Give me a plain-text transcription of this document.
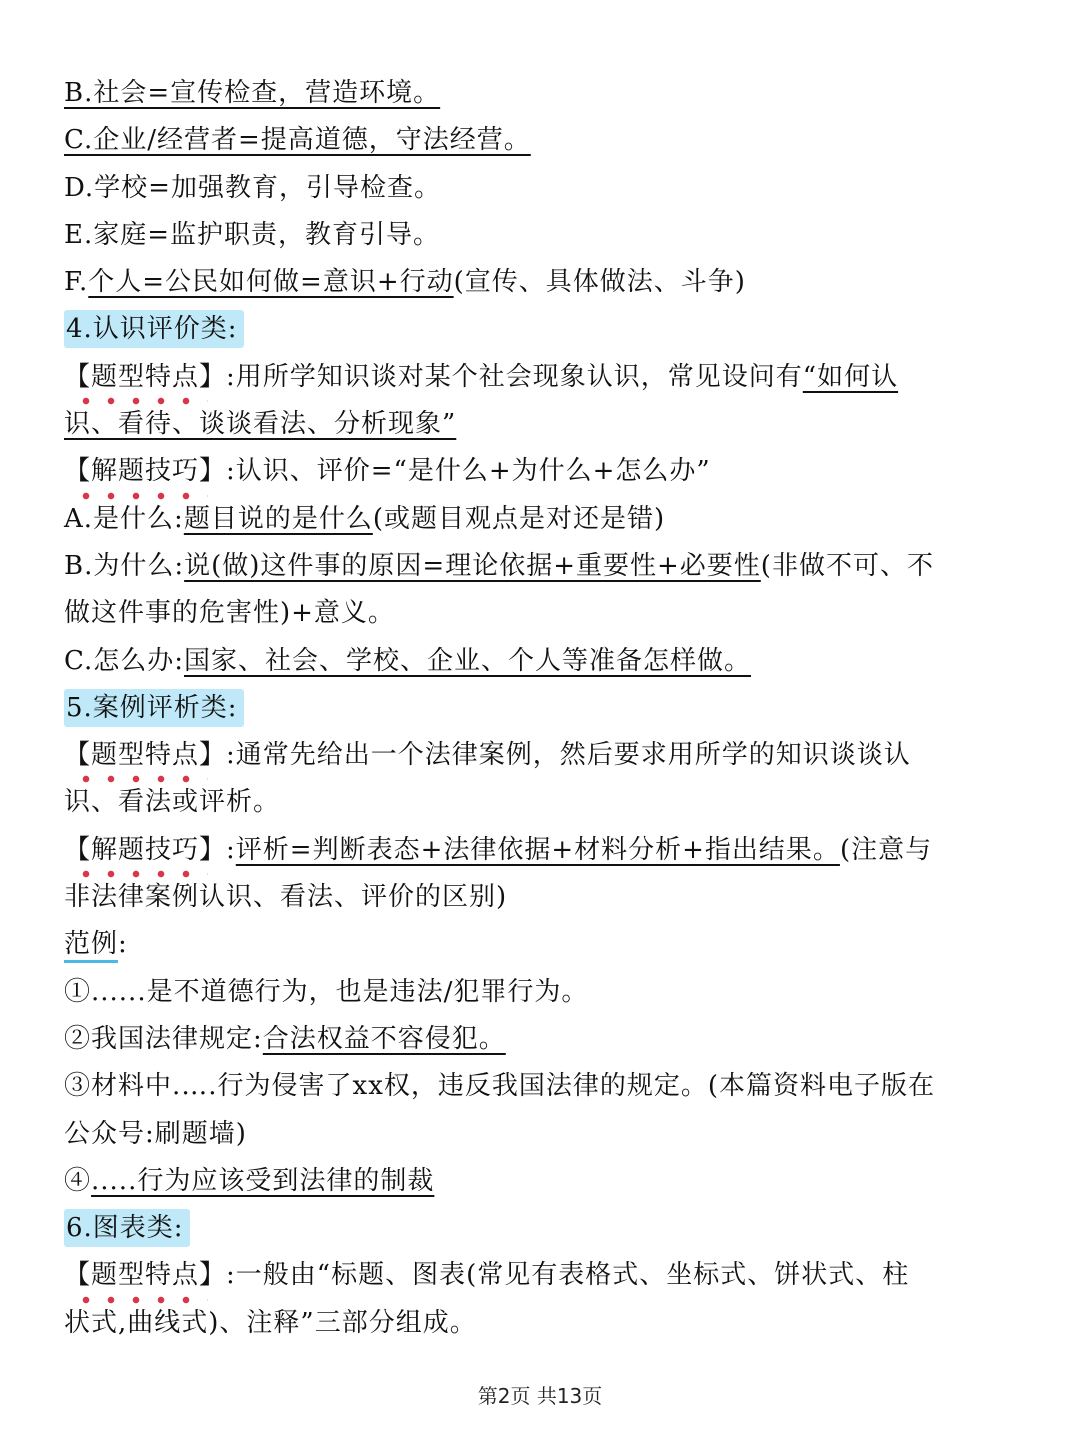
B.社会=宣传检查，营造环境。
C.企业/经营者=提高道德，守法经营。
D.学校=加强教育，引导检查。
E.家庭=监护职责，教育引导。
F.个人=公民如何做=意识+行动(宣传、具体做法、斗争)
4.认识评价类:
【题型特点】
:用所学知识谈对某个社会现象认识，常见设问有“如何认
识、看待、谈谈看法、分析现象”
【解题技巧】
:认识、评价=“是什么+为什么+怎么办”
A.是什么:题目说的是什么(或题目观点是对还是错)
B.为什么:说(做)这件事的原因=理论依据+重要性+必要性(非做不可、不
做这件事的危害性)+意义。
C.怎么办:国家、社会、学校、企业、个人等准备怎样做。
5.案例评析类:
【题型特点】
:通常先给出一个法律案例，然后要求用所学的知识谈谈认
识、看法或评析。
【解题技巧】
:评析=判断表态+法律依据+材料分析+指出结果。(注意与
非法律案例认识、看法、评价的区别)
范例:
①......是不道德行为，也是违法/犯罪行为。
②我国法律规定:合法权益不容侵犯。
③材料中.….行为侵害了xx权，违反我国法律的规定。(本篇资料电子版在
公众号:刷题墙)
④.....行为应该受到法律的制裁
6.图表类:
【题型特点】
:一般由“标题、图表(常见有表格式、坐标式、饼状式、柱
状式,曲线式)、注释”三部分组成。
第2页 共13页
